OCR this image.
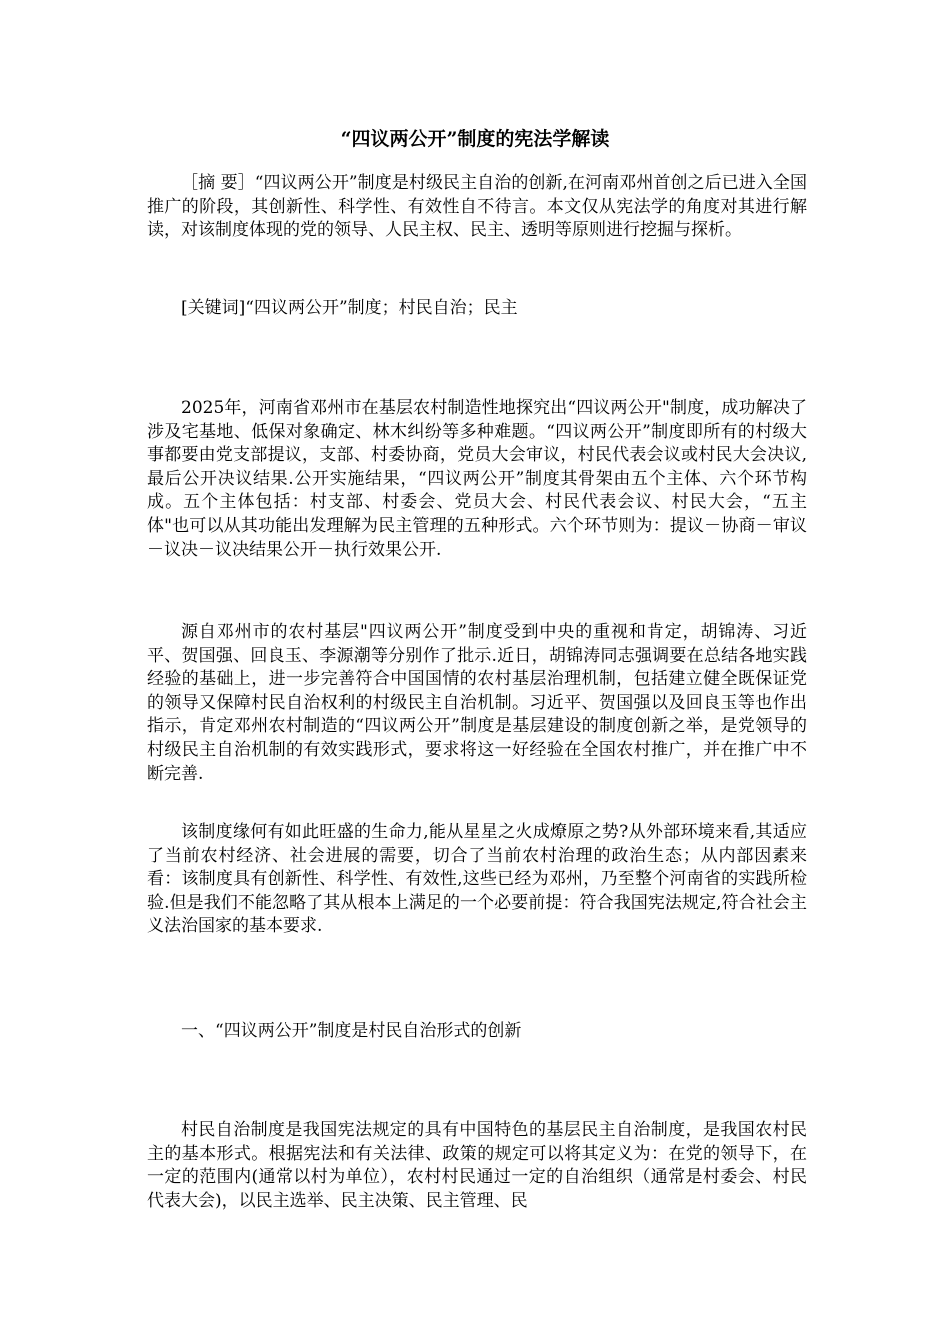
“四议两公开”制度的宪法学解读

［摘 要］“四议两公开”制度是村级民主自治的创新,在河南邓州首创之后已进入全国推广的阶段，其创新性、科学性、有效性自不待言。本文仅从宪法学的角度对其进行解读，对该制度体现的党的领导、人民主权、民主、透明等原则进行挖掘与探析。

[关键词]“四议两公开”制度；村民自治；民主

2025年，河南省邓州市在基层农村制造性地探究出“四议两公开"制度，成功解决了涉及宅基地、低保对象确定、林木纠纷等多种难题。“四议两公开”制度即所有的村级大事都要由党支部提议，支部、村委协商，党员大会审议，村民代表会议或村民大会决议,最后公开决议结果.公开实施结果，“四议两公开”制度其骨架由五个主体、六个环节构成。五个主体包括：村支部、村委会、党员大会、村民代表会议、村民大会，“五主体"也可以从其功能出发理解为民主管理的五种形式。六个环节则为：提议－协商－审议－议决－议决结果公开－执行效果公开.

源自邓州市的农村基层"四议两公开”制度受到中央的重视和肯定，胡锦涛、习近平、贺国强、回良玉、李源潮等分别作了批示.近日，胡锦涛同志强调要在总结各地实践经验的基础上，进一步完善符合中国国情的农村基层治理机制，包括建立健全既保证党的领导又保障村民自治权利的村级民主自治机制。习近平、贺国强以及回良玉等也作出指示，肯定邓州农村制造的“四议两公开”制度是基层建设的制度创新之举，是党领导的村级民主自治机制的有效实践形式，要求将这一好经验在全国农村推广，并在推广中不断完善.

该制度缘何有如此旺盛的生命力,能从星星之火成燎原之势?从外部环境来看,其适应了当前农村经济、社会进展的需要，切合了当前农村治理的政治生态；从内部因素来看：该制度具有创新性、科学性、有效性,这些已经为邓州，乃至整个河南省的实践所检验.但是我们不能忽略了其从根本上满足的一个必要前提：符合我国宪法规定,符合社会主义法治国家的基本要求.

一、“四议两公开”制度是村民自治形式的创新

村民自治制度是我国宪法规定的具有中国特色的基层民主自治制度，是我国农村民主的基本形式。根据宪法和有关法律、政策的规定可以将其定义为：在党的领导下，在一定的范围内(通常以村为单位），农村村民通过一定的自治组织（通常是村委会、村民代表大会)，以民主选举、民主决策、民主管理、民
